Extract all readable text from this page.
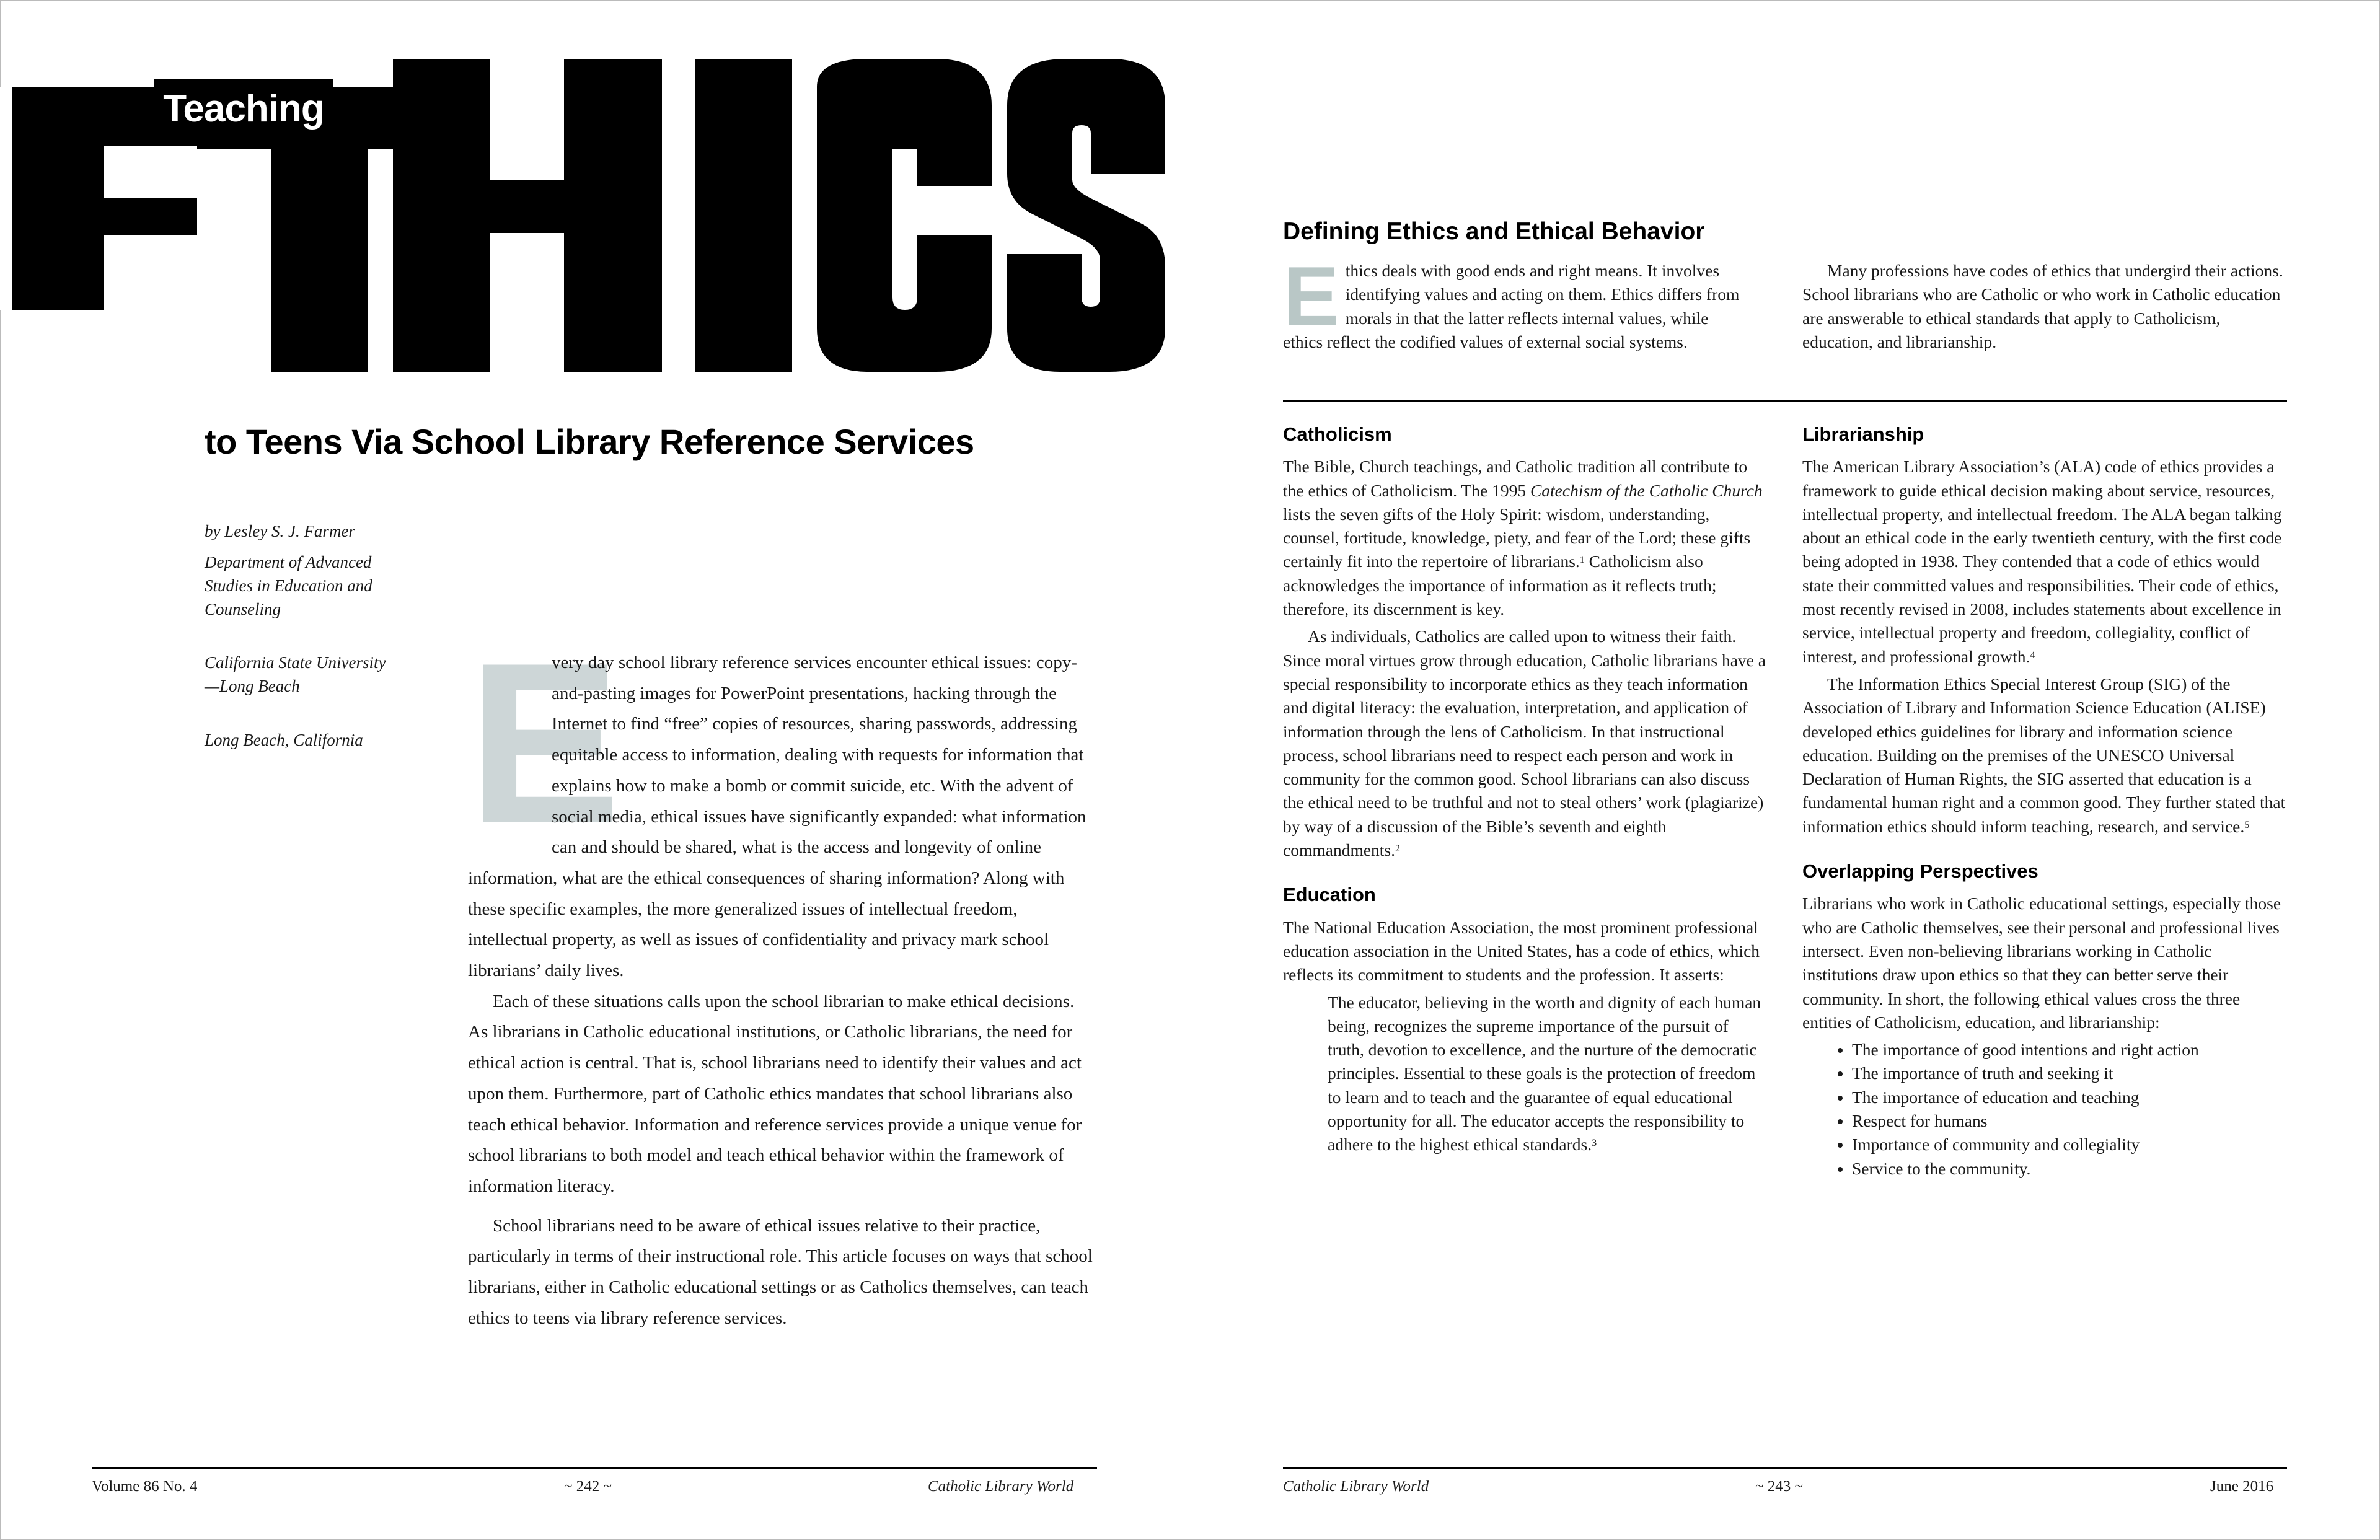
Teaching
to Teens Via School Library Reference Services
by Lesley S. J. Farmer
Department of Advanced Studies in Education and Counseling
California State University—Long Beach
Long Beach, California E

very day school library reference services encounter ethical issues: copy-and-pasting images for PowerPoint presentations, hacking through the Internet to find “free” copies of resources, sharing passwords, addressing equitable access to information, dealing with requests for information that explains how to make a bomb or commit suicide, etc. With the advent of social media, ethical issues have significantly expanded: what information can and should be shared, what is the access and longevity of online information, what are the ethical consequences of sharing information? Along with these specific examples, the more generalized issues of intellectual freedom, intellectual property, as well as issues of confidentiality and privacy mark school librarians’ daily lives.

Each of these situations calls upon the school librarian to make ethical decisions. As librarians in Catholic educational institutions, or Catholic librarians, the need for ethical action is central. That is, school librarians need to identify their values and act upon them. Furthermore, part of Catholic ethics mandates that school librarians also teach ethical behavior. Information and reference services provide a unique venue for school librarians to both model and teach ethical behavior within the framework of information literacy.

School librarians need to be aware of ethical issues relative to their practice, particularly in terms of their instructional role. This article focuses on ways that school librarians, either in Catholic educational settings or as Catholics themselves, can teach ethics to teens via library reference services.

Volume 86 No. 4	~ 242 ~	Catholic Library World
Defining Ethics and Ethical Behavior
E thics deals with good ends and right means. It involves identifying values and acting on them. Ethics differs from morals in that the latter reflects internal values, while ethics reflect the codified values of external social systems.

Many professions have codes of ethics that undergird their actions. School librarians who are Catholic or who work in Catholic education are answerable to ethical standards that apply to Catholicism, education, and librarianship.

Catholicism

The Bible, Church teachings, and Catholic tradition all contribute to the ethics of Catholicism. The 1995 Catechism of the Catholic Church lists the seven gifts of the Holy Spirit: wisdom, understanding, counsel, fortitude, knowledge, piety, and fear of the Lord; these gifts certainly fit into the repertoire of librarians.$^1$ Catholicism also acknowledges the importance of information as it reflects truth; therefore, its discernment is key.

As individuals, Catholics are called upon to witness their faith. Since moral virtues grow through education, Catholic librarians have a special responsibility to incorporate ethics as they teach information and digital literacy: the evaluation, interpretation, and application of information through the lens of Catholicism. In that instructional process, school librarians need to respect each person and work in community for the common good. School librarians can also discuss the ethical need to be truthful and not to steal others’ work (plagiarize) by way of a discussion of the Bible’s seventh and eighth commandments.$^2$

Education

The National Education Association, the most prominent professional education association in the United States, has a code of ethics, which reflects its commitment to students and the profession. It asserts:

The educator, believing in the worth and dignity of each human being, recognizes the supreme importance of the pursuit of truth, devotion to excellence, and the nurture of the democratic principles. Essential to these goals is the protection of freedom to learn and to teach and the guarantee of equal educational opportunity for all. The educator accepts the responsibility to adhere to the highest ethical standards.$^3$

Librarianship

The American Library Association’s (ALA) code of ethics provides a framework to guide ethical decision making about service, resources, intellectual property, and intellectual freedom. The ALA began talking about an ethical code in the early twentieth century, with the first code being adopted in 1938. They contended that a code of ethics would state their committed values and responsibilities. Their code of ethics, most recently revised in 2008, includes statements about excellence in service, intellectual property and freedom, collegiality, conflict of interest, and professional growth.$^4$

The Information Ethics Special Interest Group (SIG) of the Association of Library and Information Science Education (ALISE) developed ethics guidelines for library and information science education. Building on the premises of the UNESCO Universal Declaration of Human Rights, the SIG asserted that education is a fundamental human right and a common good. They further stated that information ethics should inform teaching, research, and service.$^5$

Overlapping Perspectives

Librarians who work in Catholic educational settings, especially those who are Catholic themselves, see their personal and professional lives intersect. Even non-believing librarians working in Catholic institutions draw upon ethics so that they can better serve their community. In short, the following ethical values cross the three entities of Catholicism, education, and librarianship:

• The importance of good intentions and right action
• The importance of truth and seeking it
• The importance of education and teaching
• Respect for humans
• Importance of community and collegiality
• Service to the community.
Catholic Library World	~ 243 ~	June 2016
